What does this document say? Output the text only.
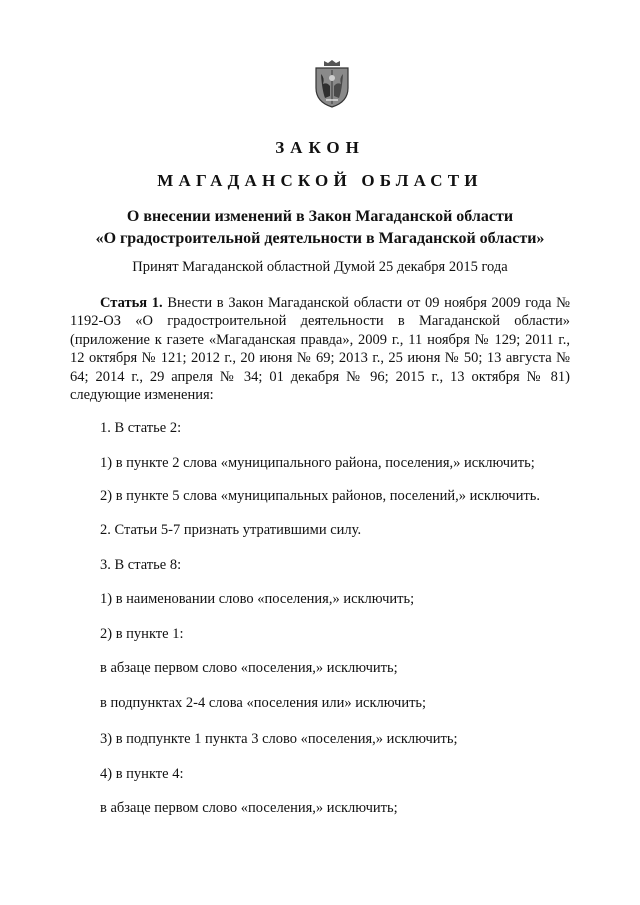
ЗАКОН
МАГАДАНСКОЙ ОБЛАСТИ
О внесении изменений в Закон Магаданской области
«О градостроительной деятельности в Магаданской области»
Принят Магаданской областной Думой 25 декабря 2015 года
Статья 1. Внести в Закон Магаданской области от 09 ноября 2009 года № 1192-ОЗ «О градостроительной деятельности в Магаданской области» (приложение к газете «Магаданская правда», 2009 г., 11 ноября № 129; 2011 г., 12 октября № 121; 2012 г., 20 июня № 69; 2013 г., 25 июня № 50; 13 августа № 64; 2014 г., 29 апреля № 34; 01 декабря № 96; 2015 г., 13 октября № 81) следующие изменения:
1. В статье 2:
1) в пункте 2 слова «муниципального района, поселения,» исключить;
2) в пункте 5 слова «муниципальных районов, поселений,» исключить.
2. Статьи 5-7 признать утратившими силу.
3. В статье 8:
1) в наименовании слово «поселения,» исключить;
2) в пункте 1:
в абзаце первом слово «поселения,» исключить;
в подпунктах 2-4 слова «поселения или» исключить;
3) в подпункте 1 пункта 3 слово «поселения,» исключить;
4) в пункте 4:
в абзаце первом слово «поселения,» исключить;
